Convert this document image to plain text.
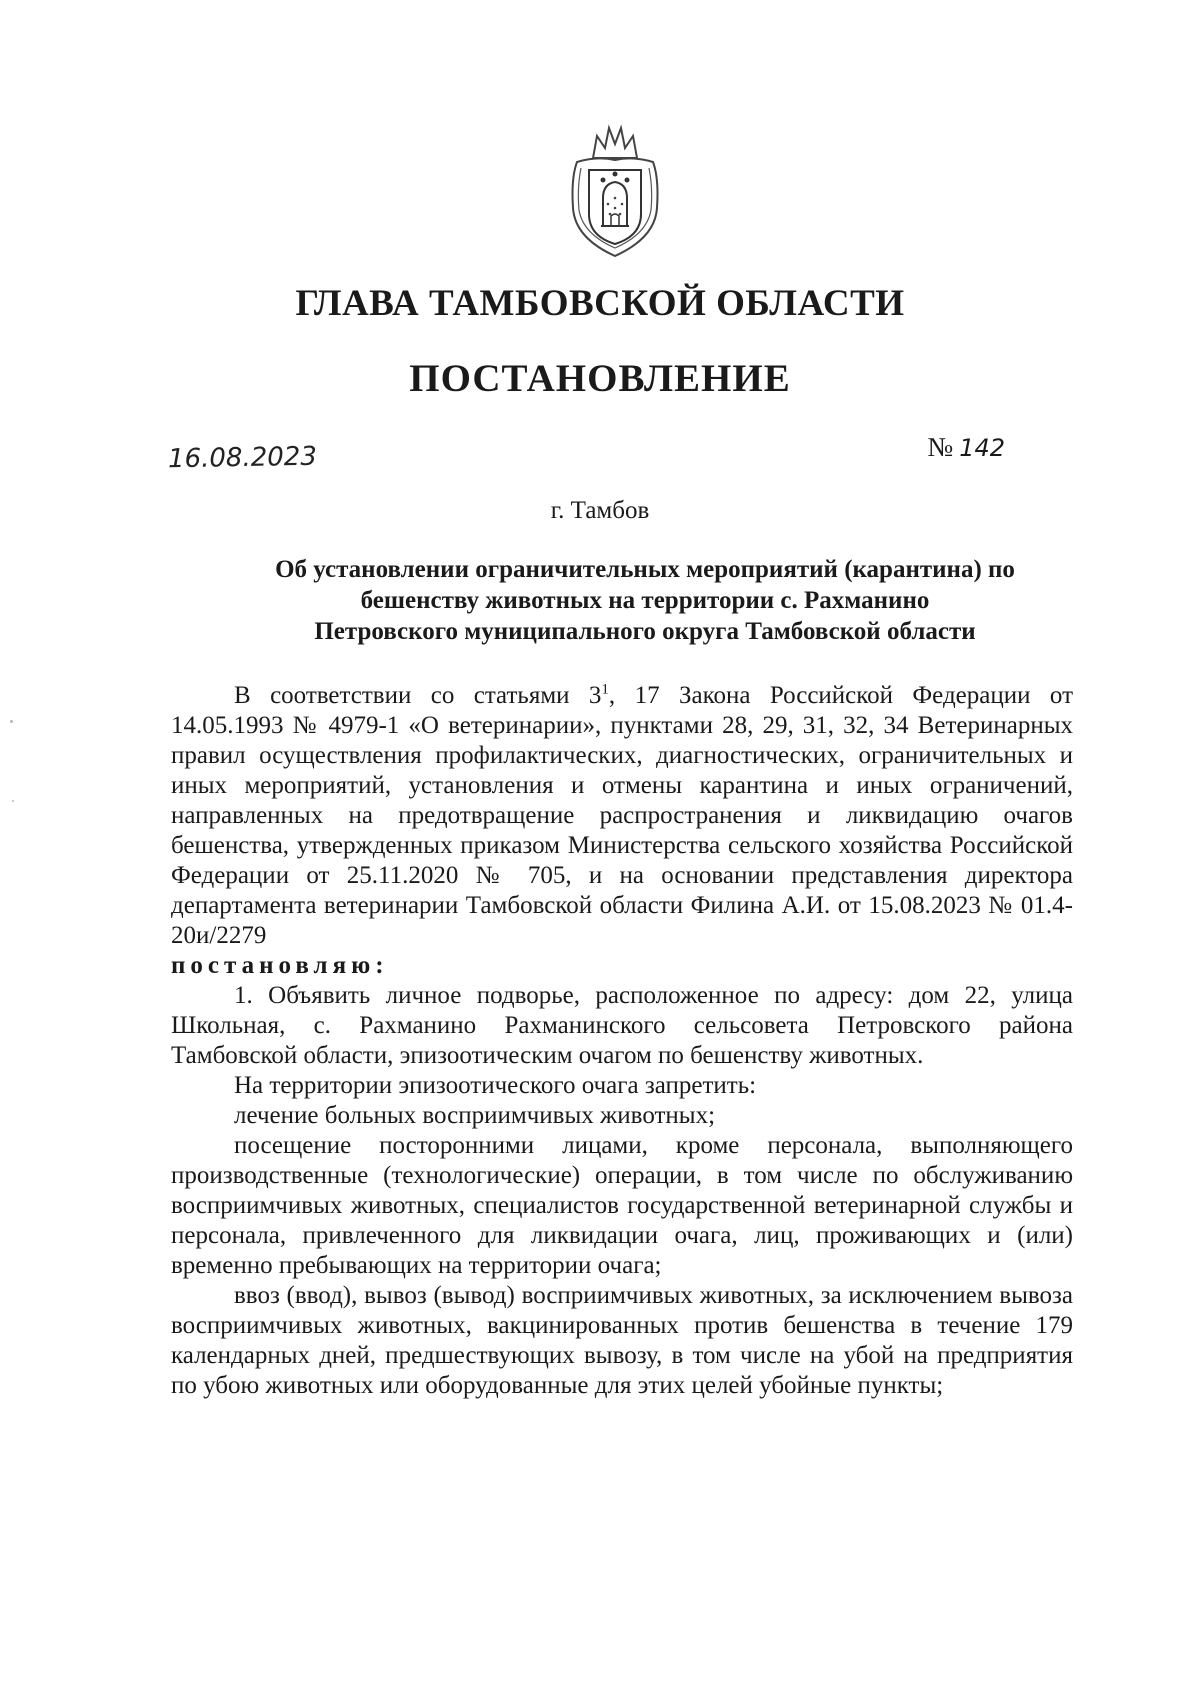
ГЛАВА ТАМБОВСКОЙ ОБЛАСТИ
ПОСТАНОВЛЕНИЕ
16.08.2023	№ 142
г. Тамбов
Об установлении ограничительных мероприятий (карантина) по
бешенству животных на территории с. Рахманино
Петровского муниципального округа Тамбовской области

В соответствии со статьями $3^1$, 17 Закона Российской Федерации от 14.05.1993 № 4979-1 «О ветеринарии», пунктами 28, 29, 31, 32, 34 Ветеринарных правил осуществления профилактических, диагностических, ограничительных и иных мероприятий, установления и отмены карантина и иных ограничений, направленных на предотвращение распространения и ликвидацию очагов бешенства, утвержденных приказом Министерства сельского хозяйства Российской Федерации от 25.11.2020 № 705, и на основании представления директора департамента ветеринарии Тамбовской области Филина А.И. от 15.08.2023 № 01.4-20и/2279

постановляю:

1. Объявить личное подворье, расположенное по адресу: дом 22, улица Школьная, с. Рахманино Рахманинского сельсовета Петровского района Тамбовской области, эпизоотическим очагом по бешенству животных.

На территории эпизоотического очага запретить:

лечение больных восприимчивых животных;

посещение посторонними лицами, кроме персонала, выполняющего производственные (технологические) операции, в том числе по обслуживанию восприимчивых животных, специалистов государственной ветеринарной службы и персонала, привлеченного для ликвидации очага, лиц, проживающих и (или) временно пребывающих на территории очага;

ввоз (ввод), вывоз (вывод) восприимчивых животных, за исключением вывоза восприимчивых животных, вакцинированных против бешенства в течение 179 календарных дней, предшествующих вывозу, в том числе на убой на предприятия по убою животных или оборудованные для этих целей убойные пункты;
